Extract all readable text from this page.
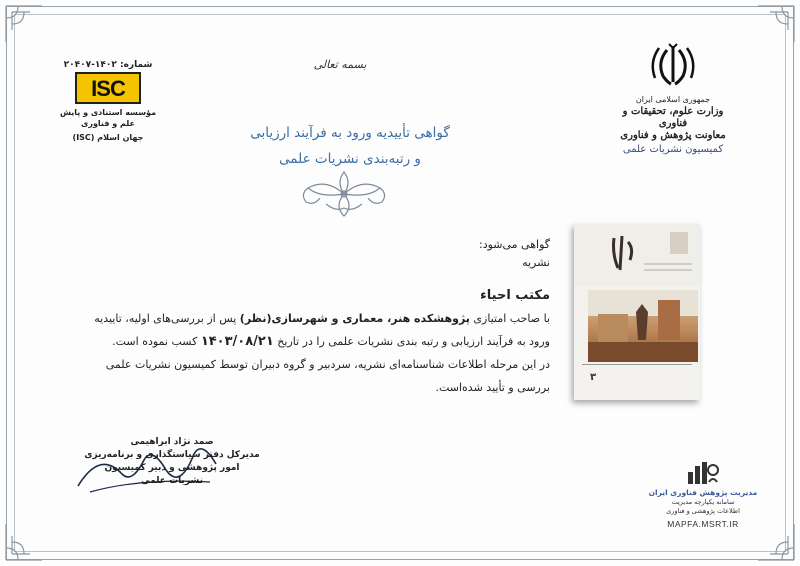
جمهوری اسلامی ایران
وزارت علوم، تحقیقات و فناوری
معاونت پژوهش و فناوری
کمیسیون نشریات علمی
شماره: ۱۴۰۲-۲۰۴۰۷
ISC
مؤسسه استنادی و پایش علم و فناوری
جهان اسلام (ISC)
بسمه تعالی
گواهی تأییدیه ورود به فرآیند ارزیابی
و رتبه‌بندی نشریات علمی
گواهی می‌شود:
نشریه
مکتب احیاء
با صاحب امتیازی پژوهشکده هنر، معماری و شهرسازی(نظر) پس از بررسی‌های اولیه، تاییدیه
ورود به فرآیند ارزیابی و رتبه بندی نشریات علمی را در تاریخ ۱۴۰۳/۰۸/۲۱ کسب نموده است.
در این مرحله اطلاعات شناسنامه‌ای نشریه، سردبیر و گروه دبیران توسط کمیسیون نشریات علمی
بررسی و تأیید شده‌است.
۳
صمد نژاد ابراهیمی
مدیرکل دفتر سیاستگذاری و برنامه‌ریزی
امور پژوهشی و دبیر کمیسیون
نشریات علمی
مدیریت پژوهش فناوری ایران
سامانه یکپارچه مدیریت
اطلاعات پژوهشی و فناوری
MAPFA.MSRT.IR
